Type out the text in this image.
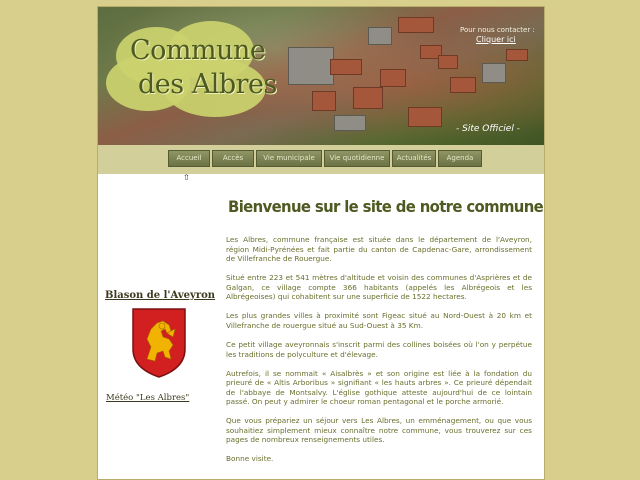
Commune
des Albres
Pour nous contacter :
Cliquer ici
- Site Officiel -
Accueil	Accès	Vie municipale	Vie quotidienne	Actualités	Agenda
⇧
Blason de l'Aveyron
Météo "Les Albres"
Bienvenue sur le site de notre commune

Les Albres, commune française est située dans le département de l'Aveyron, région Midi-Pyrénées et fait partie du canton de Capdenac-Gare, arrondissement de Villefranche de Rouergue.

Situé entre 223 et 541 mètres d'altitude et voisin des communes d'Asprières et de Galgan, ce village compte 366 habitants (appelés les Albrégeois et les Albrégeoises) qui cohabitent sur une superficie de 1522 hectares.

Les plus grandes villes à proximité sont Figeac situé au Nord-Ouest à 20 km et Villefranche de rouergue situé au Sud-Ouest à 35 Km.

Ce petit village aveyronnais s'inscrit parmi des collines boisées où l'on y perpétue les traditions de polyculture et d'élevage.

Autrefois, il se nommait « Aisalbrès » et son origine est liée à la fondation du prieuré de « Altis Arboribus » signifiant « les hauts arbres ». Ce prieuré dépendait de l'abbaye de Montsalvy. L'église gothique atteste aujourd'hui de ce lointain passé. On peut y admirer le choeur roman pentagonal et le porche armorié.

Que vous prépariez un séjour vers Les Albres, un emménagement, ou que vous souhaitiez simplement mieux connaître notre commune, vous trouverez sur ces pages de nombreux renseignements utiles.

Bonne visite.
